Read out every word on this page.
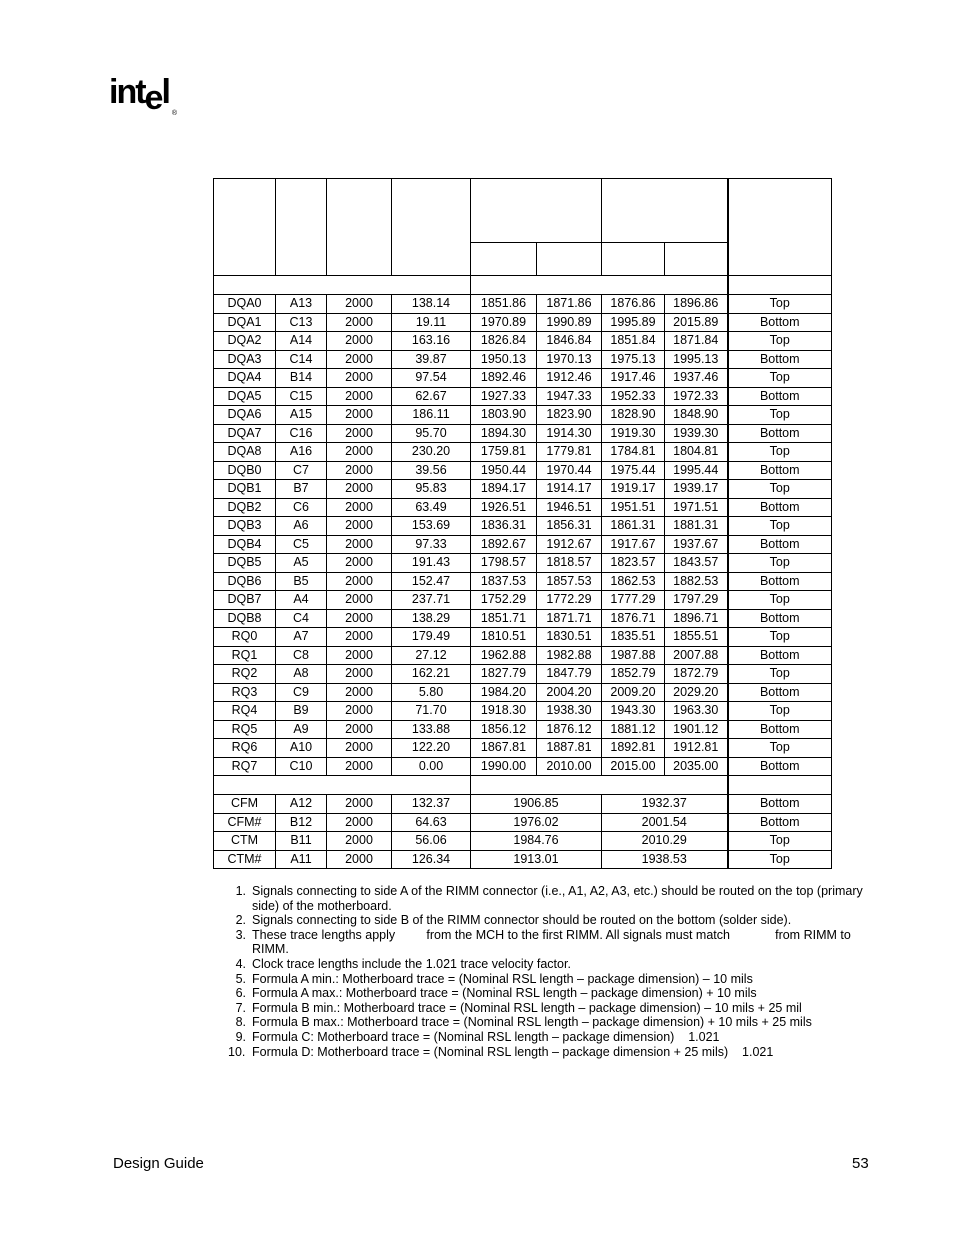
intel®

DQA0	A13	2000	138.14	1851.86	1871.86	1876.86	1896.86	Top
DQA1	C13	2000	19.11	1970.89	1990.89	1995.89	2015.89	Bottom
DQA2	A14	2000	163.16	1826.84	1846.84	1851.84	1871.84	Top
DQA3	C14	2000	39.87	1950.13	1970.13	1975.13	1995.13	Bottom
DQA4	B14	2000	97.54	1892.46	1912.46	1917.46	1937.46	Top
DQA5	C15	2000	62.67	1927.33	1947.33	1952.33	1972.33	Bottom
DQA6	A15	2000	186.11	1803.90	1823.90	1828.90	1848.90	Top
DQA7	C16	2000	95.70	1894.30	1914.30	1919.30	1939.30	Bottom
DQA8	A16	2000	230.20	1759.81	1779.81	1784.81	1804.81	Top
DQB0	C7	2000	39.56	1950.44	1970.44	1975.44	1995.44	Bottom
DQB1	B7	2000	95.83	1894.17	1914.17	1919.17	1939.17	Top
DQB2	C6	2000	63.49	1926.51	1946.51	1951.51	1971.51	Bottom
DQB3	A6	2000	153.69	1836.31	1856.31	1861.31	1881.31	Top
DQB4	C5	2000	97.33	1892.67	1912.67	1917.67	1937.67	Bottom
DQB5	A5	2000	191.43	1798.57	1818.57	1823.57	1843.57	Top
DQB6	B5	2000	152.47	1837.53	1857.53	1862.53	1882.53	Bottom
DQB7	A4	2000	237.71	1752.29	1772.29	1777.29	1797.29	Top
DQB8	C4	2000	138.29	1851.71	1871.71	1876.71	1896.71	Bottom
RQ0	A7	2000	179.49	1810.51	1830.51	1835.51	1855.51	Top
RQ1	C8	2000	27.12	1962.88	1982.88	1987.88	2007.88	Bottom
RQ2	A8	2000	162.21	1827.79	1847.79	1852.79	1872.79	Top
RQ3	C9	2000	5.80	1984.20	2004.20	2009.20	2029.20	Bottom
RQ4	B9	2000	71.70	1918.30	1938.30	1943.30	1963.30	Top
RQ5	A9	2000	133.88	1856.12	1876.12	1881.12	1901.12	Bottom
RQ6	A10	2000	122.20	1867.81	1887.81	1892.81	1912.81	Top
RQ7	C10	2000	0.00	1990.00	2010.00	2015.00	2035.00	Bottom

CFM	A12	2000	132.37	1906.85		1932.37		Bottom
CFM#	B12	2000	64.63	1976.02		2001.54		Bottom
CTM	B11	2000	56.06	1984.76		2010.29		Top
CTM#	A11	2000	126.34	1913.01		1938.53		Top
1. Signals connecting to side A of the RIMM connector (i.e., A1, A2, A3, etc.) should be routed on the top (primary side) of the motherboard.
2. Signals connecting to side B of the RIMM connector should be routed on the bottom (solder side).
3. These trace lengths apply         from the MCH to the first RIMM. All signals must match             from RIMM to RIMM.
4. Clock trace lengths include the 1.021 trace velocity factor.
5. Formula A min.: Motherboard trace = (Nominal RSL length – package dimension) – 10 mils
6. Formula A max.: Motherboard trace = (Nominal RSL length – package dimension) + 10 mils
7. Formula B min.: Motherboard trace = (Nominal RSL length – package dimension) – 10 mils + 25 mil
8. Formula B max.: Motherboard trace = (Nominal RSL length – package dimension) + 10 mils + 25 mils
9. Formula C: Motherboard trace = (Nominal RSL length – package dimension)    1.021
10. Formula D: Motherboard trace = (Nominal RSL length – package dimension + 25 mils)    1.021
Design Guide	53
